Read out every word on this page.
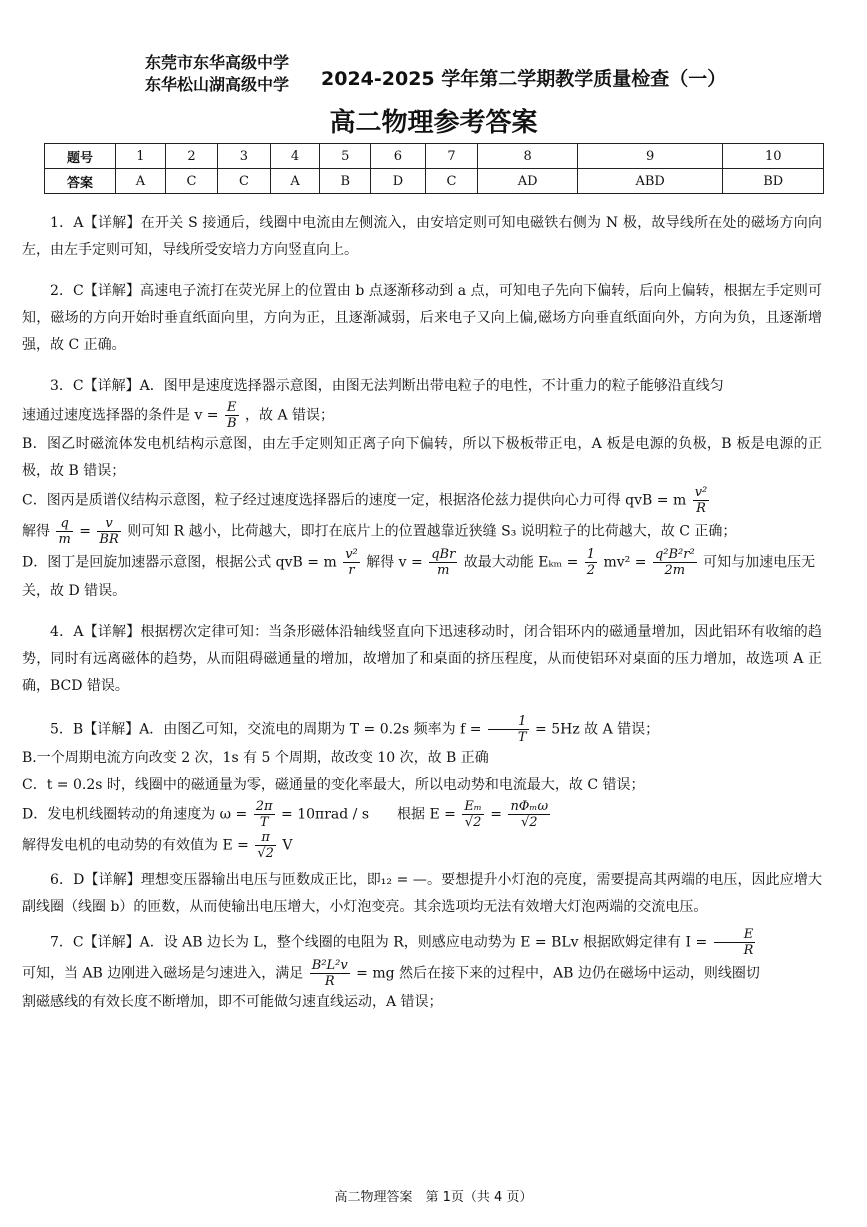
东莞市东华高级中学
东华松山湖高级中学 2024-2025 学年第二学期教学质量检查（一）
高二物理参考答案
题号	1	2	3	4	5	6	7	8	9	10
答案	A	C	C	A	B	D	C	AD	ABD	BD

1．A【详解】在开关 S 接通后，线圈中电流由左侧流入，由安培定则可知电磁铁右侧为 N 极，故导线所在处的磁场方向向左，由左手定则可知，导线所受安培力方向竖直向上。

2．C【详解】高速电子流打在荧光屏上的位置由 b 点逐渐移动到 a 点，可知电子先向下偏转，后向上偏转，根据左手定则可知，磁场的方向开始时垂直纸面向里，方向为正，且逐渐减弱，后来电子又向上偏,磁场方向垂直纸面向外，方向为负，且逐渐增强，故 C 正确。

3．C【详解】A．图甲是速度选择器示意图，由图无法判断出带电粒子的电性，不计重力的粒子能够沿直线匀

速通过速度选择器的条件是 $v = \frac{E}{B}$ ，故 A 错误；

B．图乙时磁流体发电机结构示意图，由左手定则知正离子向下偏转，所以下极板带正电，A 板是电源的负极，B 板是电源的正极，故 B 错误；

C．图丙是质谱仪结构示意图，粒子经过速度选择器后的速度一定，根据洛伦兹力提供向心力可得 qvB = m $\frac{\text{v²}}{R}$

解得 $\frac{q}{m} = \frac{v}{BR}$ 则可知 R 越小，比荷越大，即打在底片上的位置越靠近狭缝 S₃ 说明粒子的比荷越大，故 C 正确；

D．图丁是回旋加速器示意图，根据公式 qvB = m $\frac{\text{v²}}{r}$ 解得 $v = \frac{\text{qBr}}{m}$ 故最大动能 $E_{km} = \frac{1}{2} mv^2 = \frac{\text{q²B²r²}}{2m}$ 可知与加速电压无

关，故 D 错误。

4．A【详解】根据楞次定律可知：当条形磁体沿轴线竖直向下迅速移动时，闭合铝环内的磁通量增加，因此铝环有收缩的趋势，同时有远离磁体的趋势，从而阻碍磁通量的增加，故增加了和桌面的挤压程度，从而使铝环对桌面的压力增加，故选项 A 正确，BCD 错误。

5．B【详解】A．由图乙可知，交流电的周期为 T = 0.2s 频率为 $f = \frac{1}{T} = 5Hz$ 故 A 错误；

B.一个周期电流方向改变 2 次，1s 有 5 个周期，故改变 10 次，故 B 正确

C．t = 0.2s 时，线圈中的磁通量为零，磁通量的变化率最大，所以电动势和电流最大，故 C 错误；

D．发电机线圈转动的角速度为 $\omega = \frac{2\pi}{T} = 10\pi rad / s$　　根据 $E = \frac{\text{Eₘ}}{√2} = \frac{\text{nΦₘω}}{√2}$

解得发电机的电动势的有效值为 $E = \frac{\pi}{√2}$ V

6．D【详解】理想变压器输出电压与匝数成正比，即₁₂ = —。要想提升小灯泡的亮度，需要提高其两端的电压，因此应增大副线圈（线圈 b）的匝数，从而使输出电压增大，小灯泡变亮。其余选项均无法有效增大灯泡两端的交流电压。

7．C【详解】A．设 AB 边长为 L，整个线圈的电阻为 R，则感应电动势为 E = BLv 根据欧姆定律有 $I = \frac{E}{R}$

可知，当 AB 边刚进入磁场是匀速进入，满足 $\frac{\text{B²L²v}}{R}$ = mg 然后在接下来的过程中，AB 边仍在磁场中运动，则线圈切

割磁感线的有效长度不断增加，即不可能做匀速直线运动，A 错误；

高二物理答案　第 1页（共 4 页）
